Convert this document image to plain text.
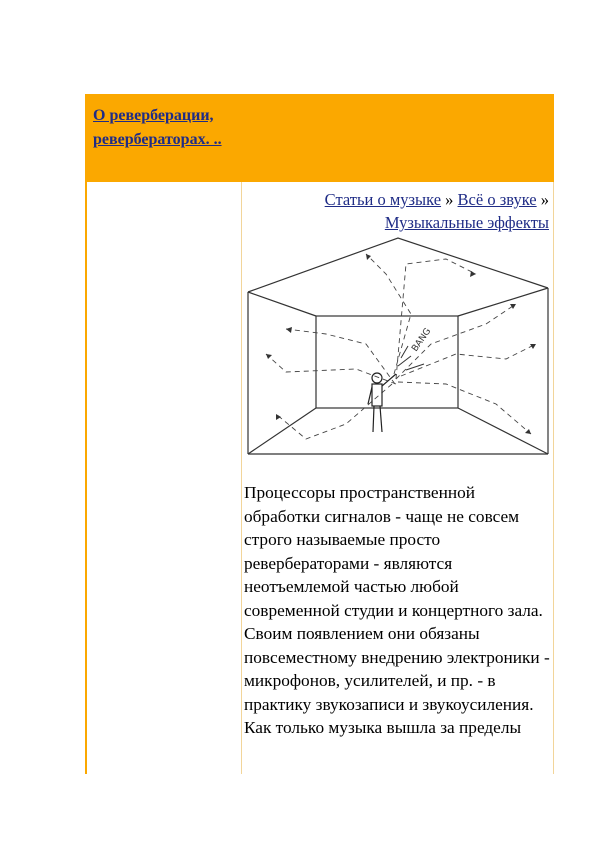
О реверберации, ревербераторах. ..
Статьи о музыке » Всё о звуке » Музыкальные эффекты
BANG
Процессоры пространственной обработки сигналов - чаще не совсем строго называемые просто ревербераторами - являются неотъемлемой частью любой современной студии и концертного зала. Своим появлением они обязаны повсеместному внедрению электроники - микрофонов, усилителей, и пр. - в практику звукозаписи и звукоусиления. Как только музыка вышла за пределы
